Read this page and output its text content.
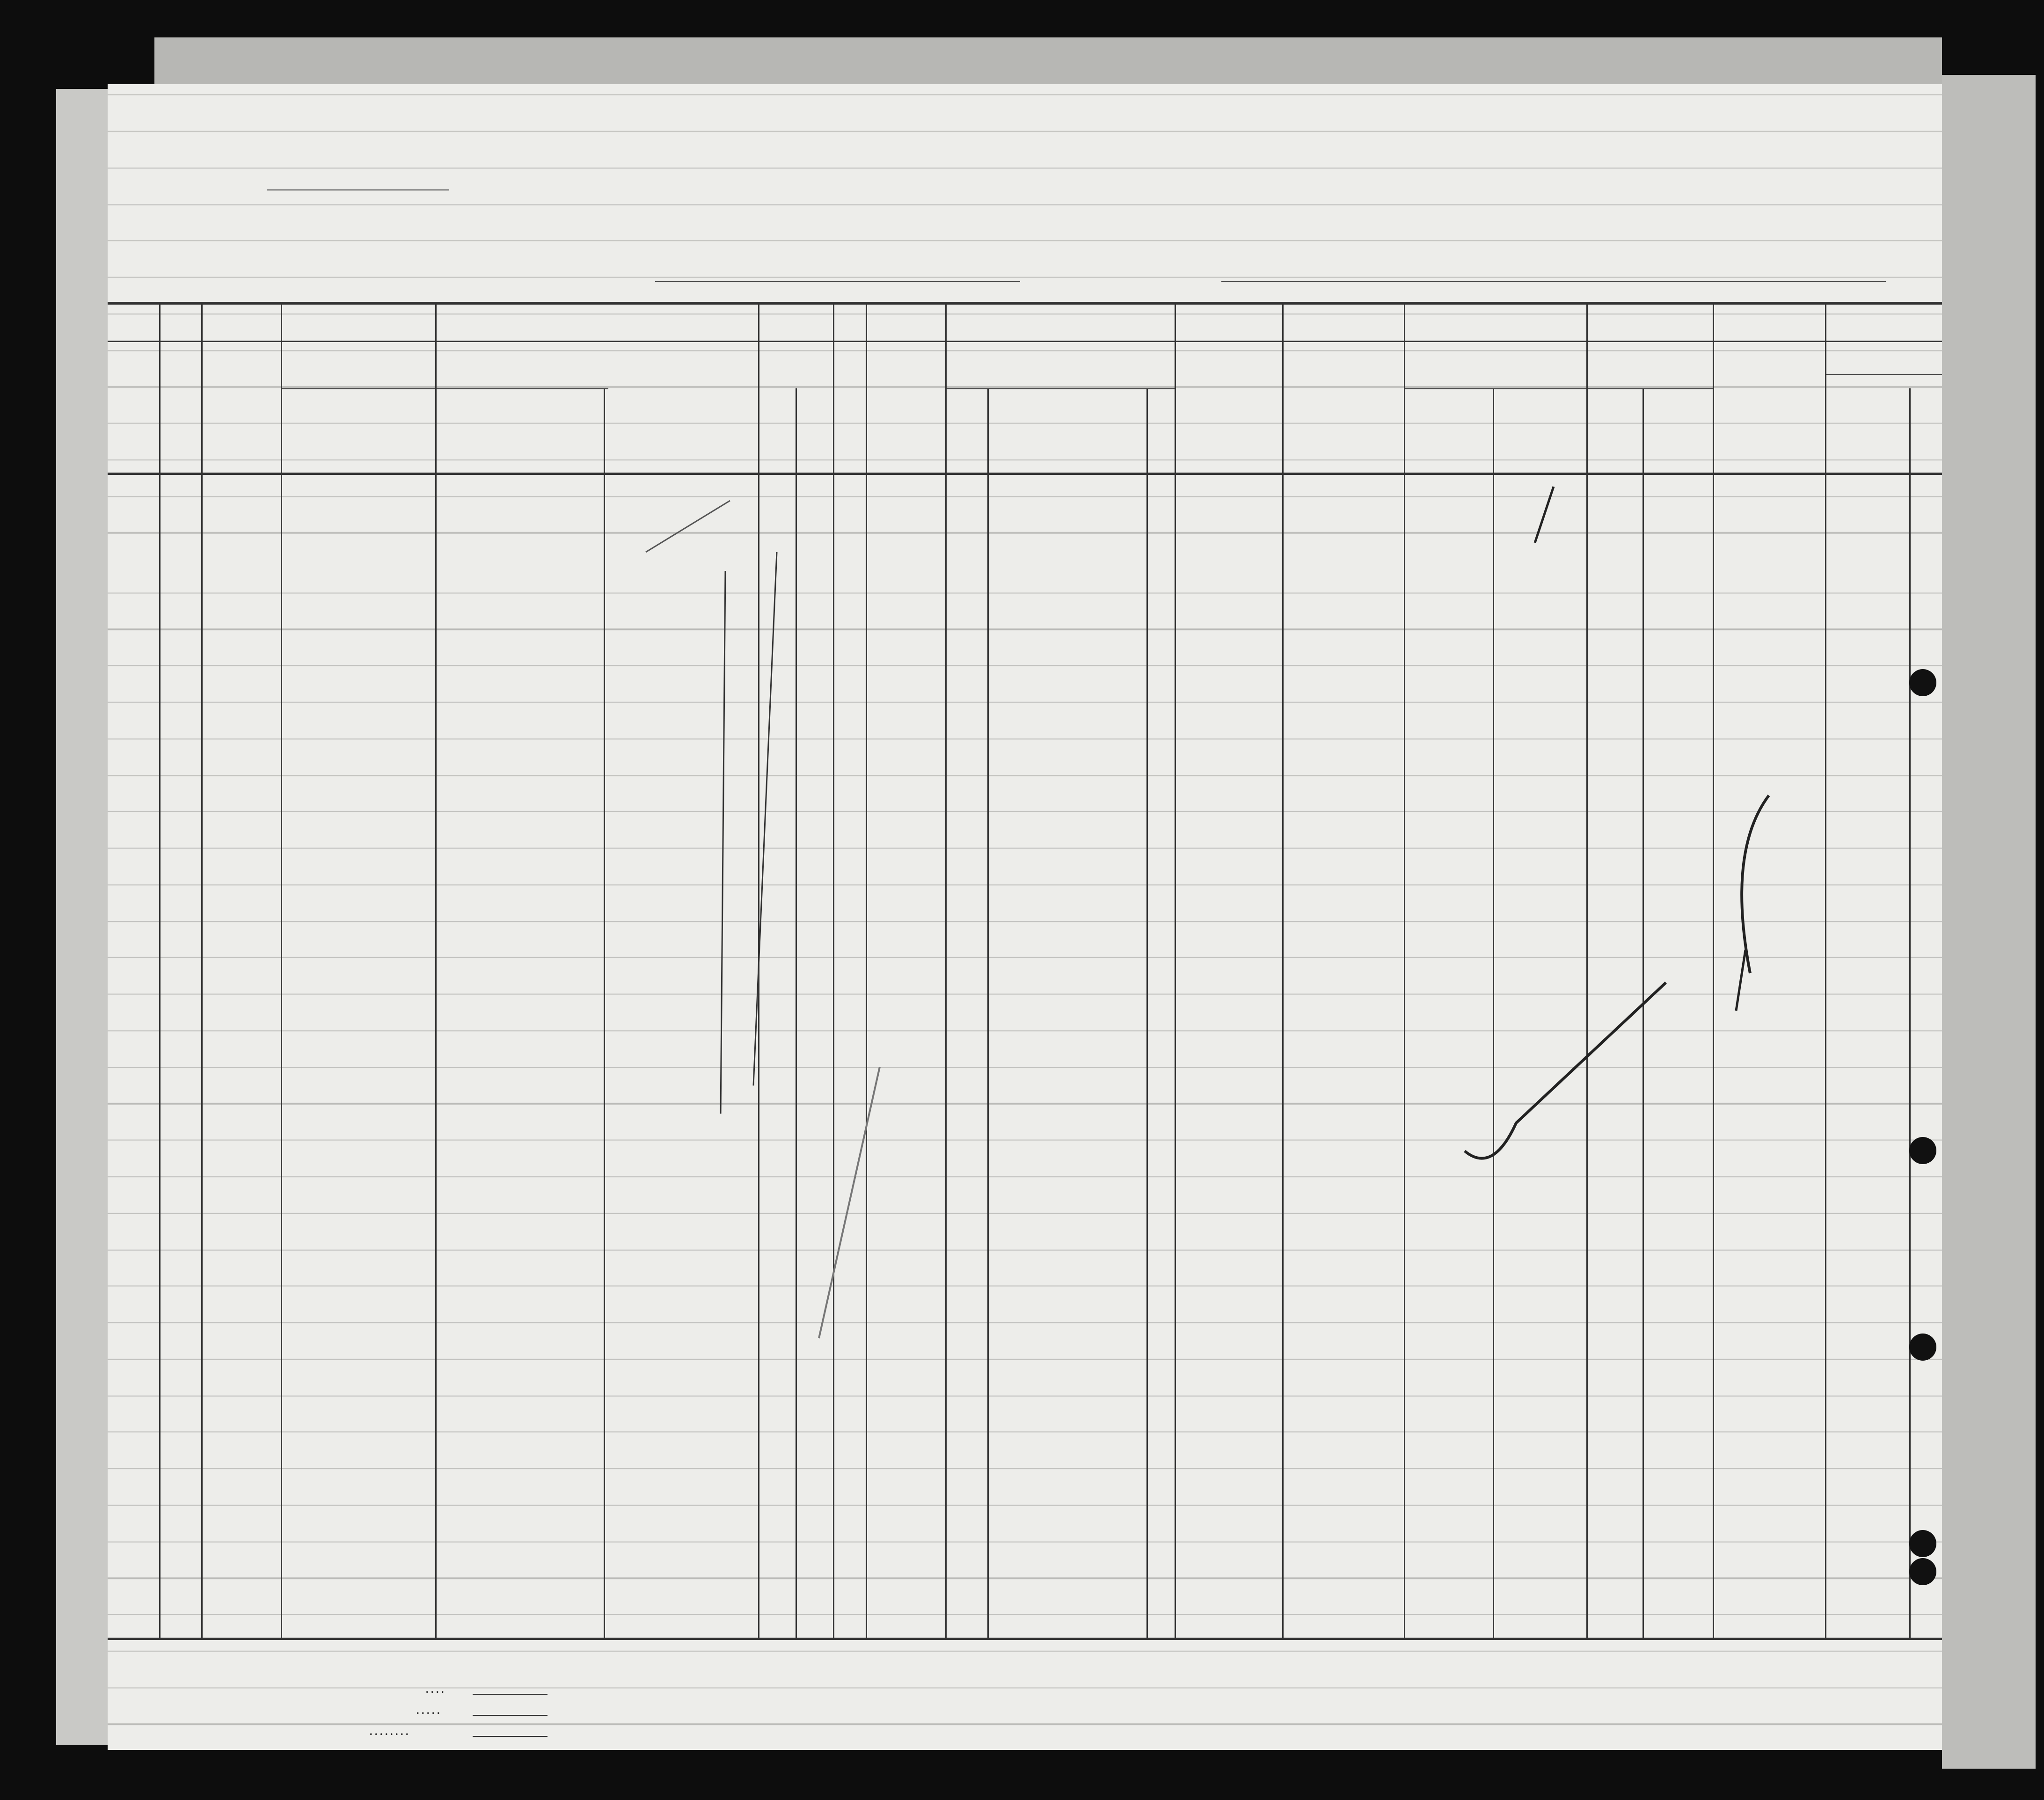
. . . .
. . . . .
. . . . . . . .
